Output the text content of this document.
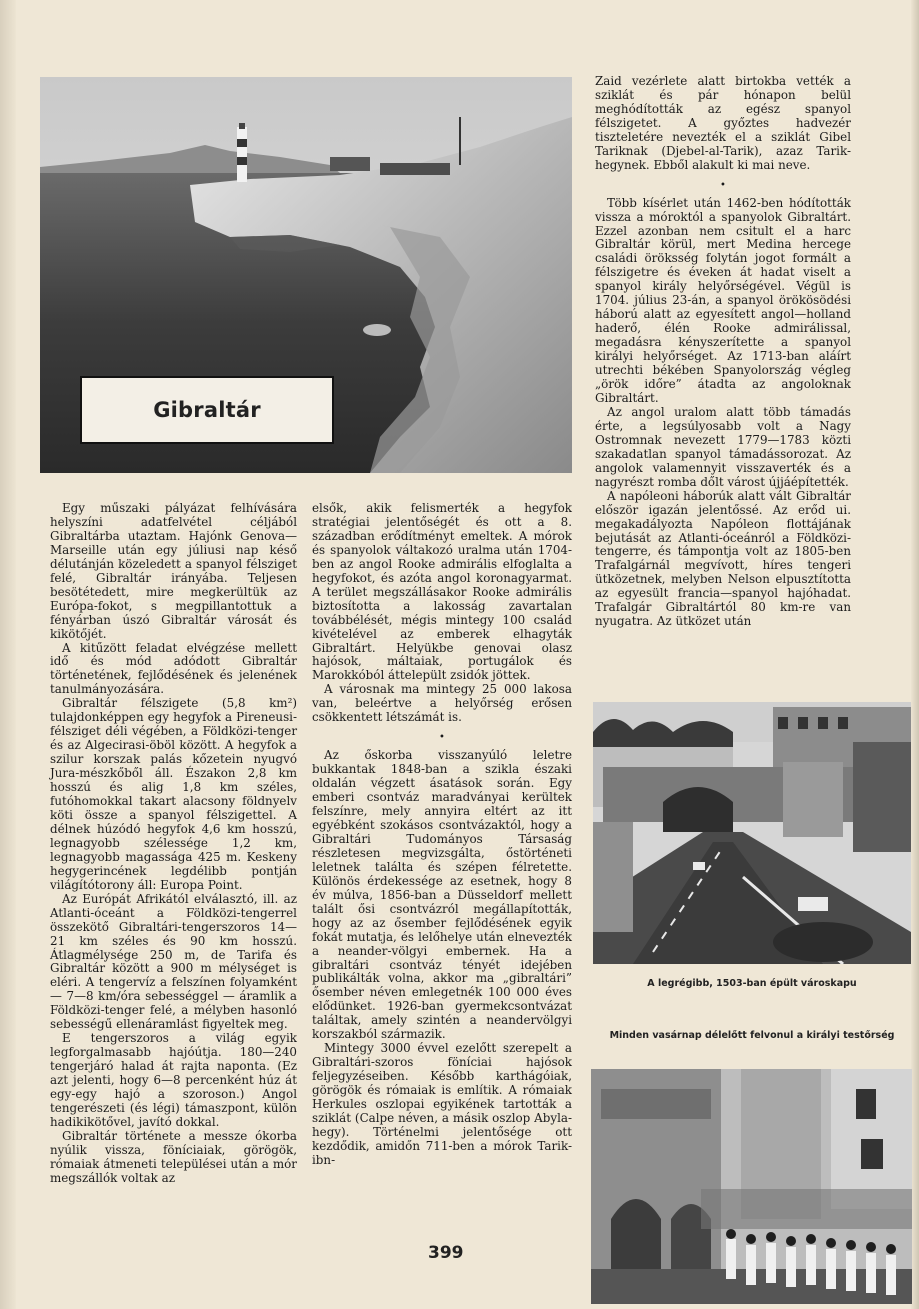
Gibraltár

Egy műszaki pályázat felhívására helyszíni adatfelvétel céljából Gibraltárba utaztam. Hajónk Genova—Marseille után egy júliusi nap késő délutánján közeledett a spanyol félsziget felé, Gibraltár irányába. Teljesen besötétedett, mire megkerültük az Európa-fokot, s megpillantottuk a fényárban úszó Gibraltár városát és kikötőjét.

A kitűzött feladat elvégzése mellett idő és mód adódott Gibraltár történetének, fejlődésének és jelenének tanulmányozására.

Gibraltár félszigete (5,8 km²) tulajdonképpen egy hegyfok a Pireneusi-félsziget déli végében, a Földközi-tenger és az Algecirasi-öböl között. A hegyfok a szilur korszak palás kőzetein nyugvó Jura-mészkőből áll. Északon 2,8 km hosszú és alig 1,8 km széles, futóhomokkal takart alacsony földnyelv köti össze a spanyol félszigettel. A délnek húzódó hegyfok 4,6 km hosszú, legnagyobb szélessége 1,2 km, legnagyobb magassága 425 m. Keskeny hegygerincének legdélibb pontján világítótorony áll: Europa Point.

Az Európát Afrikától elválasztó, ill. az Atlanti-óceánt a Földközi-tengerrel összekötő Gibraltári-tengerszoros 14—21 km széles és 90 km hosszú. Átlagmélysége 250 m, de Tarifa és Gibraltár között a 900 m mélységet is eléri. A tengervíz a felszínen folyamként — 7—8 km/óra sebességgel — áramlik a Földközi-tenger felé, a mélyben hasonló sebességű ellenáramlást figyeltek meg.

E tengerszoros a világ egyik legforgalmasabb hajóútja. 180—240 tengerjáró halad át rajta naponta. (Ez azt jelenti, hogy 6—8 percenként húz át egy-egy hajó a szoroson.) Angol tengerészeti (és légi) támaszpont, külön hadikikötővel, javító dokkal.

Gibraltár története a messze ókorba nyúlik vissza, föníciaiak, görögök, rómaiak átmeneti települései után a mór megszállók voltak az

elsők, akik felismerték a hegyfok stratégiai jelentőségét és ott a 8. században erődítményt emeltek. A mórok és spanyolok váltakozó uralma után 1704-ben az angol Rooke admirális elfoglalta a hegyfokot, és azóta angol koronagyarmat. A terület megszállásakor Rooke admirális biztosította a lakosság zavartalan továbbélését, mégis mintegy 100 család kivételével az emberek elhagyták Gibraltárt. Helyükbe genovai olasz hajósok, máltaiak, portugálok és Marokkóból áttelepült zsidók jöttek.

A városnak ma mintegy 25 000 lakosa van, beleértve a helyőrség erősen csökkentett létszámát is.

•

Az őskorba visszanyúló leletre bukkantak 1848-ban a szikla északi oldalán végzett ásatások során. Egy emberi csontváz maradványai kerültek felszínre, mely annyira eltért az itt egyébként szokásos csontvázaktól, hogy a Gibraltári Tudományos Társaság részletesen megvizsgálta, őstörténeti leletnek találta és szépen félretette. Különös érdekessége az esetnek, hogy 8 év múlva, 1856-ban a Düsseldorf mellett talált ősi csontvázról megállapították, hogy az az ősember fejlődésének egyik fokát mutatja, és lelőhelye után elnevezték a neander-völgyi embernek. Ha a gibraltári csontváz tényét idejében publikálták volna, akkor ma „gibraltári” ősember néven emlegetnék 100 000 éves elődünket. 1926-ban gyermekcsontvázat találtak, amely szintén a neandervölgyi korszakból származik.

Mintegy 3000 évvel ezelőtt szerepelt a Gibraltári-szoros föníciai hajósok feljegyzéseiben. Később karthágóiak, görögök és rómaiak is említik. A rómaiak Herkules oszlopai egyikének tartották a sziklát (Calpe néven, a másik oszlop Abyla-hegy). Történelmi jelentősége ott kezdődik, amidőn 711-ben a mórok Tarik-ibn-

Zaid vezérlete alatt birtokba vették a sziklát és pár hónapon belül meghódították az egész spanyol félszigetet. A győztes hadvezér tiszteletére nevezték el a sziklát Gibel Tariknak (Djebel-al-Tarik), azaz Tarik-hegynek. Ebből alakult ki mai neve.

•

Több kísérlet után 1462-ben hódították vissza a móroktól a spanyolok Gibraltárt. Ezzel azonban nem csitult el a harc Gibraltár körül, mert Medina hercege családi öröksség folytán jogot formált a félszigetre és éveken át hadat viselt a spanyol király helyőrségével. Végül is 1704. július 23-án, a spanyol örökösödési háború alatt az egyesített angol—holland haderő, élén Rooke admirálissal, megadásra kényszerítette a spanyol királyi helyőrséget. Az 1713-ban aláírt utrechti békében Spanyolország végleg „örök időre” átadta az angoloknak Gibraltárt.

Az angol uralom alatt több támadás érte, a legsúlyosabb volt a Nagy Ostromnak nevezett 1779—1783 közti szakadatlan spanyol támadássorozat. Az angolok valamennyit visszaverték és a nagyrészt romba dőlt várost újjáépítették.

A napóleoni háborúk alatt vált Gibraltár először igazán jelentőssé. Az erőd ui. megakadályozta Napóleon flottájának bejutását az Atlanti-óceánról a Földközi-tengerre, és támpontja volt az 1805-ben Trafalgárnál megvívott, híres tengeri ütközetnek, melyben Nelson elpusztította az egyesült francia—spanyol hajóhadat. Trafalgár Gibraltártól 80 km-re van nyugatra. Az ütközet után

A legrégibb, 1503-ban épült városkapu
Minden vasárnap délelőtt felvonul a királyi testőrség
399
